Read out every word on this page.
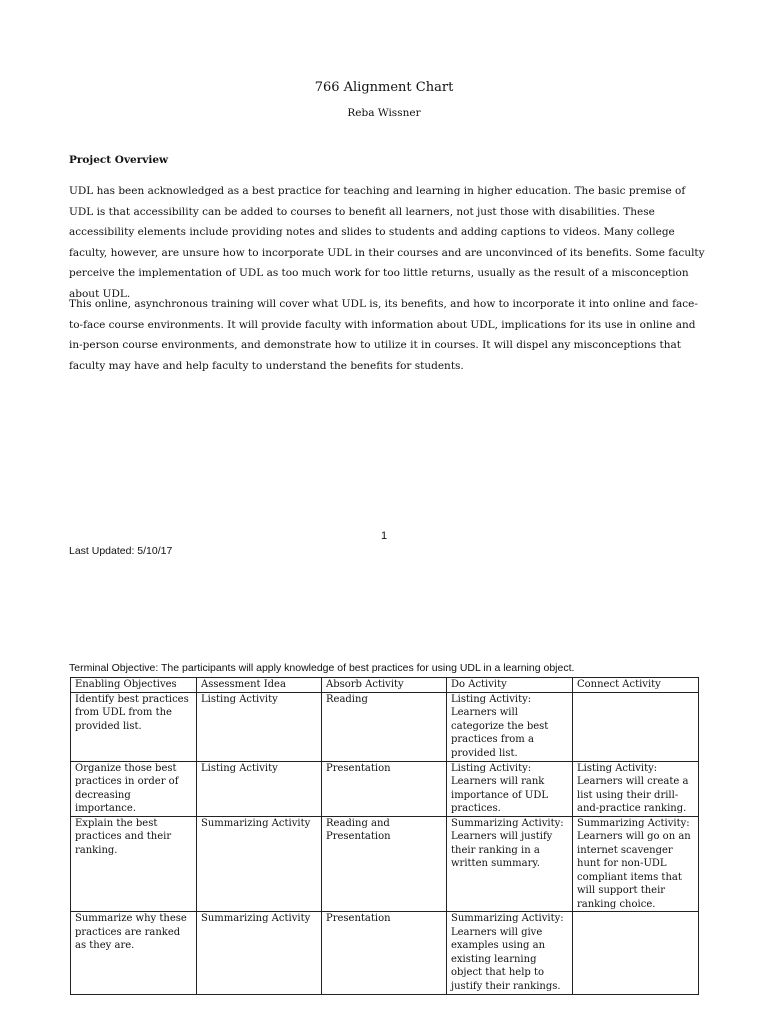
766 Alignment Chart
Reba Wissner
Project Overview

UDL has been acknowledged as a best practice for teaching and learning in higher education. The basic premise of UDL is that accessibility can be added to courses to benefit all learners, not just those with disabilities. These accessibility elements include providing notes and slides to students and adding captions to videos. Many college faculty, however, are unsure how to incorporate UDL in their courses and are unconvinced of its benefits. Some faculty perceive the implementation of UDL as too much work for too little returns, usually as the result of a misconception about UDL.

This online, asynchronous training will cover what UDL is, its benefits, and how to incorporate it into online and face-to-face course environments. It will provide faculty with information about UDL, implications for its use in online and in-person course environments, and demonstrate how to utilize it in courses. It will dispel any misconceptions that faculty may have and help faculty to understand the benefits for students.

1
Last Updated: 5/10/17
Terminal Objective: The participants will apply knowledge of best practices for using UDL in a learning object.
Enabling Objectives	Assessment Idea	Absorb Activity	Do Activity	Connect Activity
Identify best practices from UDL from the provided list.	Listing Activity	Reading	Listing Activity: Learners will categorize the best practices from a provided list.	
Organize those best practices in order of decreasing importance.	Listing Activity	Presentation	Listing Activity: Learners will rank importance of UDL practices.	Listing Activity: Learners will create a list using their drill-and-practice ranking.
Explain the best practices and their ranking.	Summarizing Activity	Reading and Presentation	Summarizing Activity: Learners will justify their ranking in a written summary.	Summarizing Activity: Learners will go on an internet scavenger hunt for non-UDL compliant items that will support their ranking choice.
Summarize why these practices are ranked as they are.	Summarizing Activity	Presentation	Summarizing Activity: Learners will give examples using an existing learning object that help to justify their rankings.	
